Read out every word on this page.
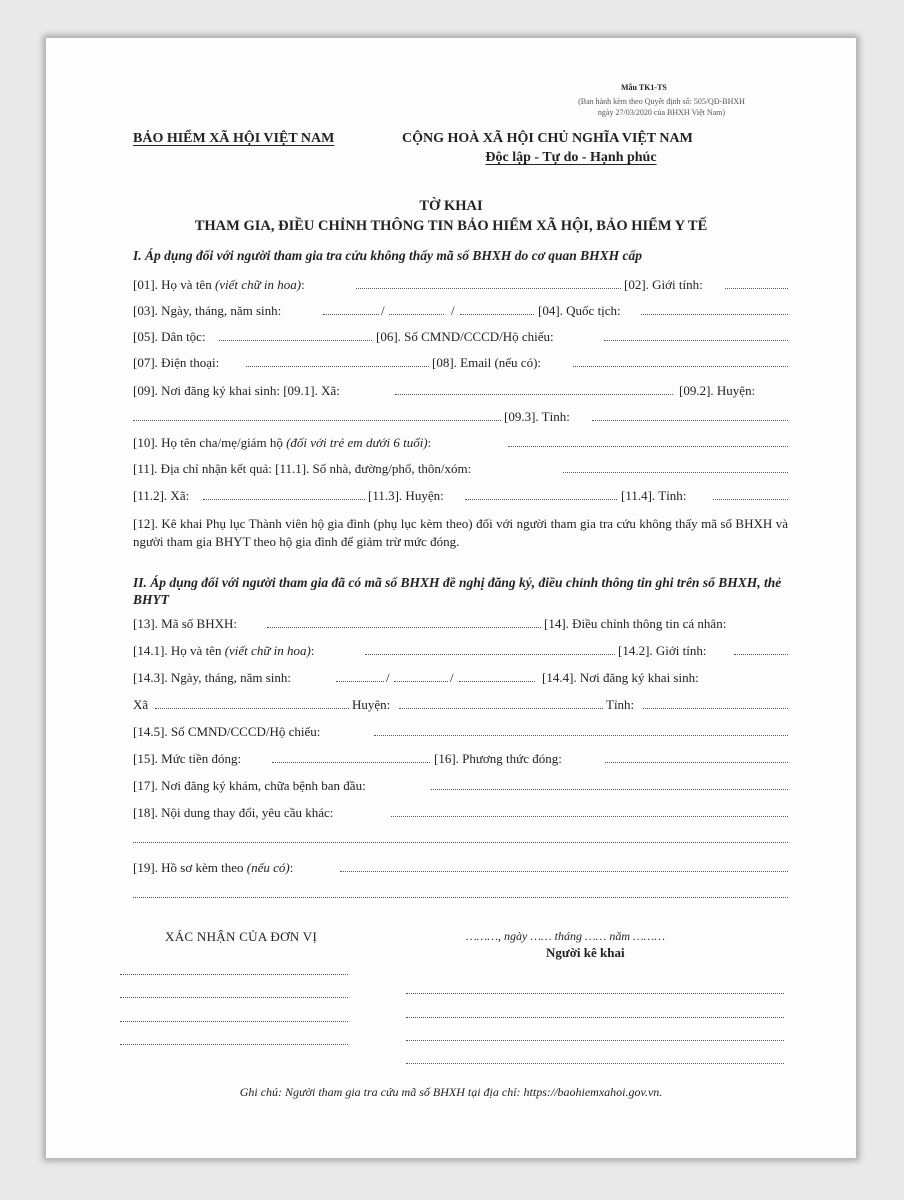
Mẫu TK1-TS
(Ban hành kèm theo Quyết định số: 505/QĐ-BHXH
ngày 27/03/2020 của BHXH Việt Nam)
BẢO HIỂM XÃ HỘI VIỆT NAM	CỘNG HOÀ XÃ HỘI CHỦ NGHĨA VIỆT NAM
Độc lập - Tự do - Hạnh phúc
TỜ KHAI
THAM GIA, ĐIỀU CHỈNH THÔNG TIN BẢO HIỂM XÃ HỘI, BẢO HIỂM Y TẾ
I. Áp dụng đối với người tham gia tra cứu không thấy mã số BHXH do cơ quan BHXH cấp
[01]. Họ và tên (viết chữ in hoa):	[02]. Giới tính:
[03]. Ngày, tháng, năm sinh:	/	/	[04]. Quốc tịch:
[05]. Dân tộc:	[06]. Số CMND/CCCD/Hộ chiếu:
[07]. Điện thoại:	[08]. Email (nếu có):
[09]. Nơi đăng ký khai sinh: [09.1]. Xã:	[09.2]. Huyện:
[09.3]. Tỉnh:
[10]. Họ tên cha/mẹ/giám hộ (đối với trẻ em dưới 6 tuổi):
[11]. Địa chỉ nhận kết quả: [11.1]. Số nhà, đường/phố, thôn/xóm:
[11.2]. Xã:	[11.3]. Huyện:	[11.4]. Tỉnh:
[12]. Kê khai Phụ lục Thành viên hộ gia đình (phụ lục kèm theo) đối với người tham gia tra cứu không thấy mã số BHXH và người tham gia BHYT theo hộ gia đình để giảm trừ mức đóng.
II. Áp dụng đối với người tham gia đã có mã số BHXH đề nghị đăng ký, điều chỉnh thông tin ghi trên sổ BHXH, thẻ BHYT
[13]. Mã số BHXH:	[14]. Điều chỉnh thông tin cá nhân:
[14.1]. Họ và tên (viết chữ in hoa):	[14.2]. Giới tính:
[14.3]. Ngày, tháng, năm sinh:	/	/	[14.4]. Nơi đăng ký khai sinh:
Xã	Huyện:	Tỉnh:
[14.5]. Số CMND/CCCD/Hộ chiếu:
[15]. Mức tiền đóng:	[16]. Phương thức đóng:
[17]. Nơi đăng ký khám, chữa bệnh ban đầu:
[18]. Nội dung thay đổi, yêu cầu khác:
[19]. Hồ sơ kèm theo (nếu có):
XÁC NHẬN CỦA ĐƠN VỊ	………, ngày …… tháng …… năm ………
Người kê khai
Ghi chú: Người tham gia tra cứu mã số BHXH tại địa chỉ: https://baohiemxahoi.gov.vn.
